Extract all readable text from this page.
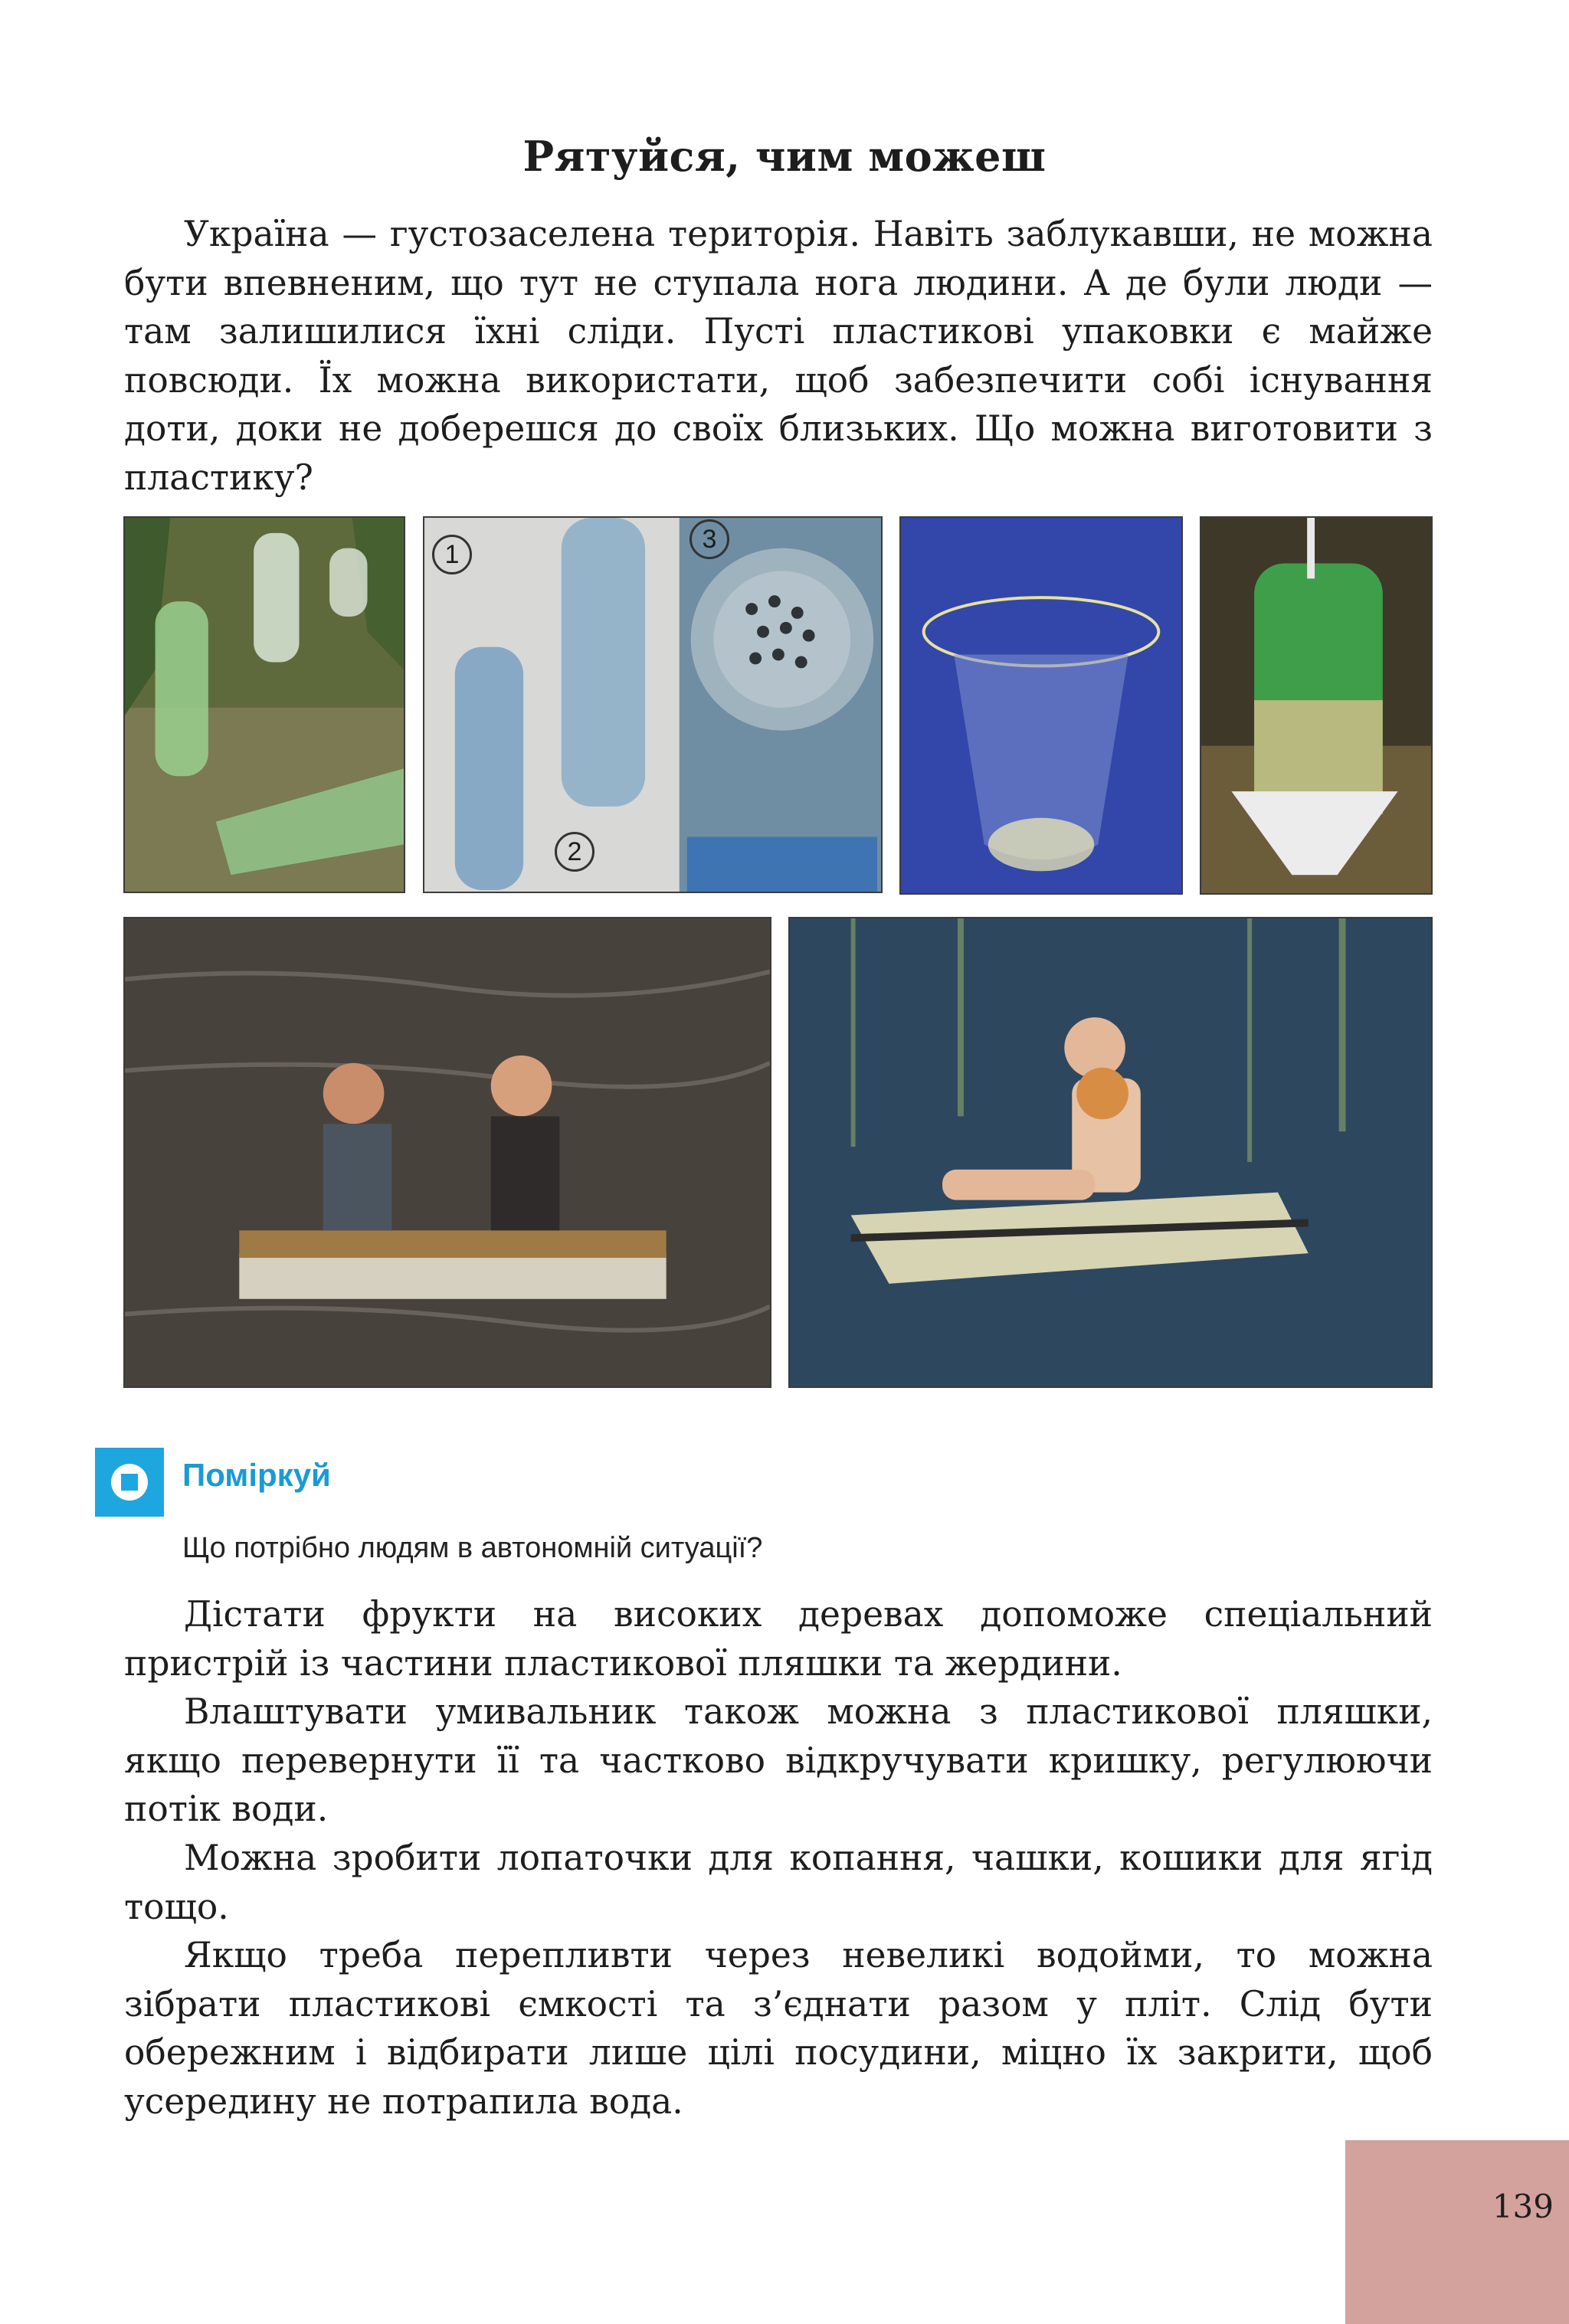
Рятуйся, чим можеш

Україна — густозаселена територія. Навіть заблукавши, не можна бути впевненим, що тут не ступала нога людини. А де були люди — там залишилися їхні сліди. Пусті пластикові упаковки є майже повсюди. Їх можна використати, щоб забезпечити собі існування доти, доки не доберешся до своїх близьких. Що можна виготовити з пластику?

1
2
3
Поміркуй
Що потрібно людям в автономній ситуації?

Дістати фрукти на високих деревах допоможе спеціальний пристрій із частини пластикової пляшки та жердини.

Влаштувати умивальник також можна з пластикової пляшки, якщо перевернути її та частково відкручувати кришку, регулюючи потік води.

Можна зробити лопаточки для копання, чашки, кошики для ягід тощо.

Якщо треба перепливти через невеликі водойми, то можна зібрати пластикові ємкості та з’єднати разом у пліт. Слід бути обережним і відбирати лише цілі посудини, міцно їх закрити, щоб усередину не потрапила вода.

139
